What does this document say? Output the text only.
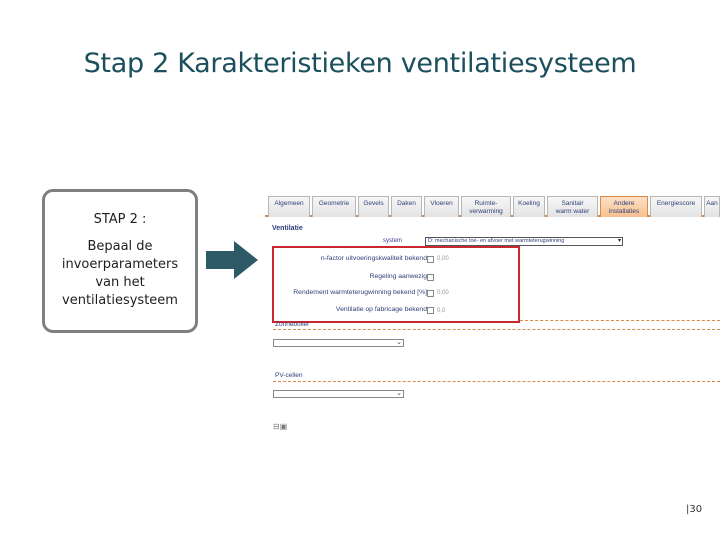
Stap 2 Karakteristieken ventilatiesysteem
STAP 2 :
Bepaal de
invoerparameters
van het
ventilatiesysteem
Algemeen	Geometrie	Gevels	Daken	Vloeren	Ruimte-
verwarming
Koeling	Sanitair
warm water
Andere
installaties
Energiescore	Aan
Ventilatie
system	D: mechanische toe- en afvoer met warmteterugwinning	▾
n-factor uitvoeringskwaliteit bekend 0,00
Regeling aanwezig
Rendement warmteterugwinning bekend [%] 0,00
Ventilatie op fabricage bekend 0,0
Zonneboiler
⌄
PV-cellen
⌄
⊟▣
|30
